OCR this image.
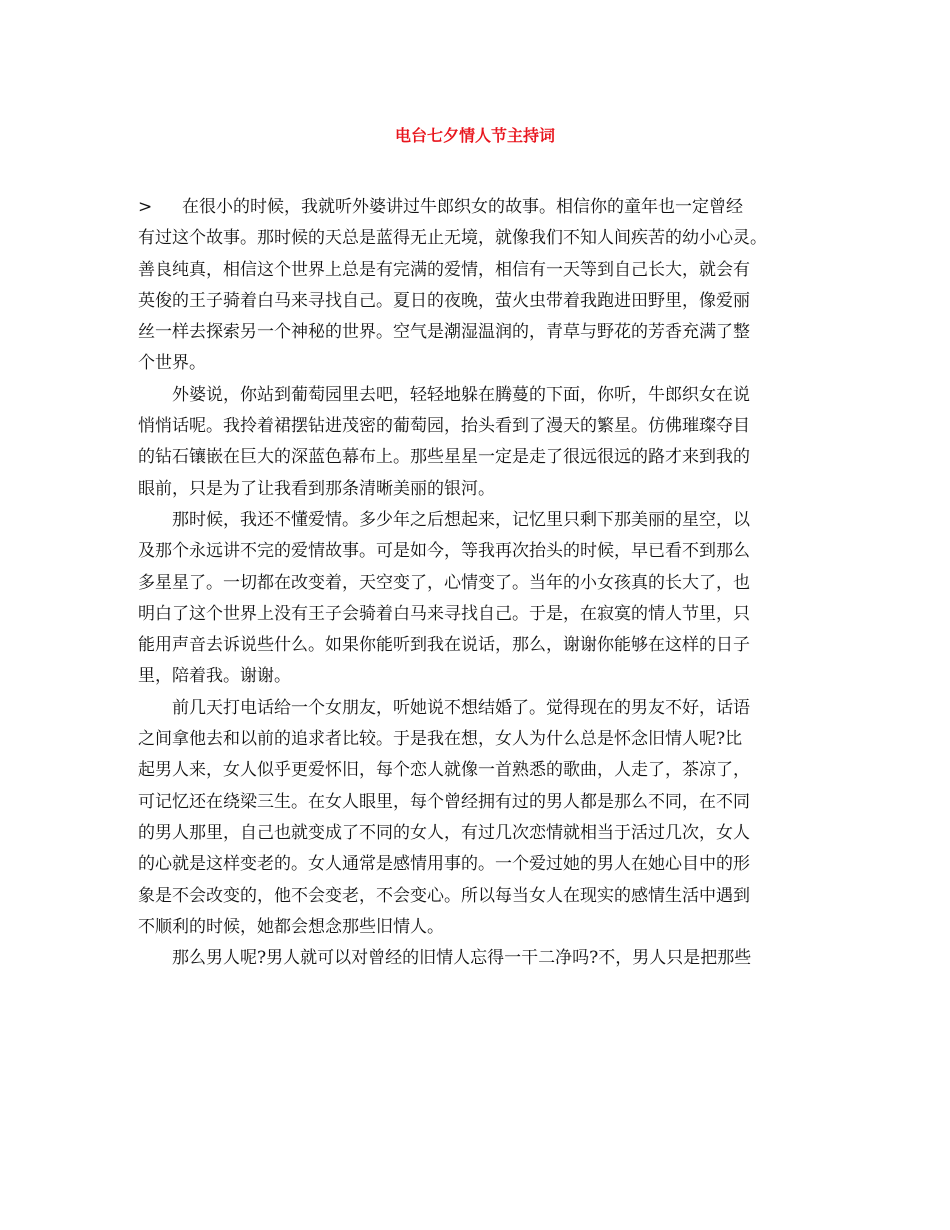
电台七夕情人节主持词
> 在很小的时候，我就听外婆讲过牛郎织女的故事。相信你的童年也一定曾经
有过这个故事。那时候的天总是蓝得无止无境，就像我们不知人间疾苦的幼小心灵。
善良纯真，相信这个世界上总是有完满的爱情，相信有一天等到自己长大，就会有
英俊的王子骑着白马来寻找自己。夏日的夜晚，萤火虫带着我跑进田野里，像爱丽
丝一样去探索另一个神秘的世界。空气是潮湿温润的，青草与野花的芳香充满了整
个世界。
　　外婆说，你站到葡萄园里去吧，轻轻地躲在腾蔓的下面，你听，牛郎织女在说
悄悄话呢。我拎着裙摆钻进茂密的葡萄园，抬头看到了漫天的繁星。仿佛璀璨夺目
的钻石镶嵌在巨大的深蓝色幕布上。那些星星一定是走了很远很远的路才来到我的
眼前，只是为了让我看到那条清晰美丽的银河。
　　那时候，我还不懂爱情。多少年之后想起来，记忆里只剩下那美丽的星空，以
及那个永远讲不完的爱情故事。可是如今，等我再次抬头的时候，早已看不到那么
多星星了。一切都在改变着，天空变了，心情变了。当年的小女孩真的长大了，也
明白了这个世界上没有王子会骑着白马来寻找自己。于是，在寂寞的情人节里，只
能用声音去诉说些什么。如果你能听到我在说话，那么，谢谢你能够在这样的日子
里，陪着我。谢谢。
　　前几天打电话给一个女朋友，听她说不想结婚了。觉得现在的男友不好，话语
之间拿他去和以前的追求者比较。于是我在想，女人为什么总是怀念旧情人呢?比
起男人来，女人似乎更爱怀旧，每个恋人就像一首熟悉的歌曲，人走了，茶凉了，
可记忆还在绕梁三生。在女人眼里，每个曾经拥有过的男人都是那么不同，在不同
的男人那里，自己也就变成了不同的女人，有过几次恋情就相当于活过几次，女人
的心就是这样变老的。女人通常是感情用事的。一个爱过她的男人在她心目中的形
象是不会改变的，他不会变老，不会变心。所以每当女人在现实的感情生活中遇到
不顺利的时候，她都会想念那些旧情人。
　　那么男人呢?男人就可以对曾经的旧情人忘得一干二净吗?不，男人只是把那些
